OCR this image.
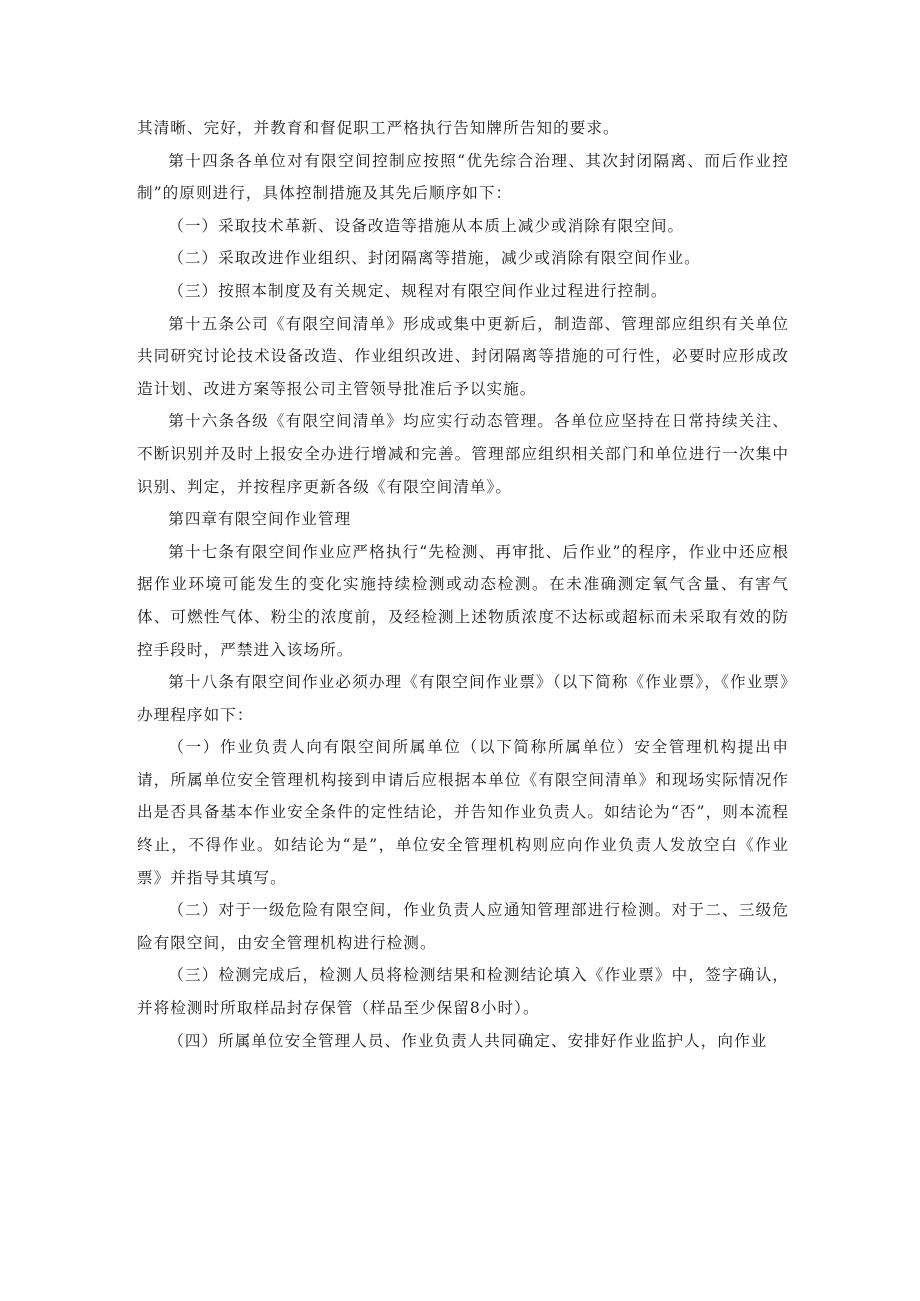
其清晰、完好，并教育和督促职工严格执行告知牌所告知的要求。

第十四条各单位对有限空间控制应按照“优先综合治理、其次封闭隔离、而后作业控制”的原则进行，具体控制措施及其先后顺序如下：

（一）采取技术革新、设备改造等措施从本质上减少或消除有限空间。

（二）采取改进作业组织、封闭隔离等措施，减少或消除有限空间作业。

（三）按照本制度及有关规定、规程对有限空间作业过程进行控制。

第十五条公司《有限空间清单》形成或集中更新后，制造部、管理部应组织有关单位共同研究讨论技术设备改造、作业组织改进、封闭隔离等措施的可行性，必要时应形成改造计划、改进方案等报公司主管领导批准后予以实施。

第十六条各级《有限空间清单》均应实行动态管理。各单位应坚持在日常持续关注、不断识别并及时上报安全办进行增减和完善。管理部应组织相关部门和单位进行一次集中识别、判定，并按程序更新各级《有限空间清单》。

第四章有限空间作业管理

第十七条有限空间作业应严格执行“先检测、再审批、后作业”的程序，作业中还应根据作业环境可能发生的变化实施持续检测或动态检测。在未准确测定氧气含量、有害气体、可燃性气体、粉尘的浓度前，及经检测上述物质浓度不达标或超标而未采取有效的防控手段时，严禁进入该场所。

第十八条有限空间作业必须办理《有限空间作业票》（以下简称《作业票》，《作业票》办理程序如下：

（一）作业负责人向有限空间所属单位（以下简称所属单位）安全管理机构提出申请，所属单位安全管理机构接到申请后应根据本单位《有限空间清单》和现场实际情况作出是否具备基本作业安全条件的定性结论，并告知作业负责人。如结论为“否”，则本流程终止，不得作业。如结论为“是”，单位安全管理机构则应向作业负责人发放空白《作业票》并指导其填写。

（二）对于一级危险有限空间，作业负责人应通知管理部进行检测。对于二、三级危险有限空间，由安全管理机构进行检测。

（三）检测完成后，检测人员将检测结果和检测结论填入《作业票》中，签字确认，并将检测时所取样品封存保管（样品至少保留8小时）。

（四）所属单位安全管理人员、作业负责人共同确定、安排好作业监护人，向作业
